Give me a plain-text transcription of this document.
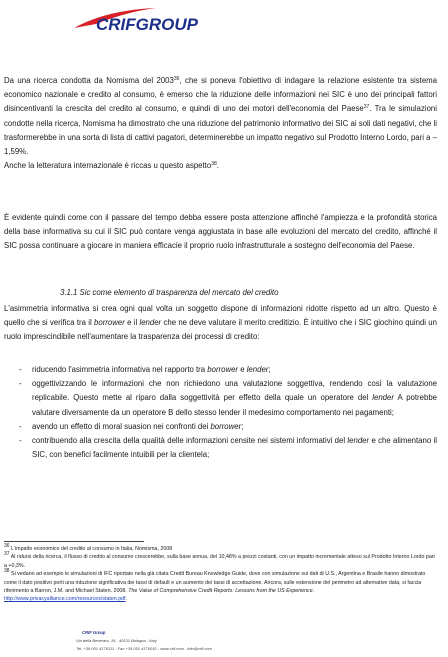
CRIFGROUP

Da una ricerca condotta da Nomisma del 2003$^{36}$, che si poneva l'obiettivo di indagare la relazione esistente tra sistema economico nazionale e credito al consumo, è emerso che la riduzione delle informazioni nei SIC è uno dei principali fattori disincentivanti la crescita del credito al consumo, e quindi di uno dei motori dell'economia del Paese$^{37}$. Tra le simulazioni condotte nella ricerca, Nomisma ha dimostrato che una riduzione del patrimonio informativo dei SIC ai soli dati negativi, che li trasformerebbe in una sorta di lista di cattivi pagatori, determinerebbe un impatto negativo sul Prodotto Interno Lordo, pari a –1,59%.

Anche la letteratura internazionale è riccas u questo aspetto$^{38}$.

È evidente quindi come con il passare del tempo debba essere posta attenzione affinché l'ampiezza e la profondità storica della base informativa su cui il SIC può contare venga aggiustata in base alle evoluzioni del mercato del credito, affinché il SIC possa continuare a giocare in maniera efficacie il proprio ruolo infrastrutturale a sostegno dell'economia del Paese.

3.1.1 Sic come elemento di trasparenza del mercato del credito

L'asimmetria informativa si crea ogni qual volta un soggetto dispone di informazioni ridotte rispetto ad un altro. Questo è quello che si verifica tra il borrower e il lender che ne deve valutare il merito creditizio. È intuitivo che i SIC giochino quindi un ruolo imprescindibile nell'aumentare la trasparenza dei processi di credito:

- riducendo l'asimmetria informativa nel rapporto tra borrower e lender;
- oggettivizzando le informazioni che non richiedono una valutazione soggettiva, rendendo così la valutazione replicabile. Questo mette al riparo dalla soggettività per effetto della quale un operatore del lender A potrebbe valutare diversamente da un operatore B dello stesso lender il medesimo comportamento nei pagamenti;
- avendo un effetto di moral suasion nei confronti dei borrower;
- contribuendo alla crescita della qualità delle informazioni censite nei sistemi informativi del lender e che alimentano il SIC, con benefici facilmente intuibili per la clientela;

$^{36}$ L'impatto economico del credito al consumo in Italia, Nomisma, 2008

$^{37}$ Al ridursi della ricerca, il flusso di credito al consumo crescerebbe, sulla base annua, del 10,48% a prezzi costanti, con un impatto incrementale atteso sul Prodotto Interno Lordo pari a +0,3%.

$^{38}$ Si vedano ad esempio le simulazioni di IFC riportate nella già citata Credit Bureau Knowledge Guide, dove con simulazione sui dati di U.S., Argentina e Brasile hanno dimostrato come il dato positivo porti una riduzione significativa dei tassi di default e un aumento dei tassi di accettazione. Ancora, sulle estensione del perimetro ad alternative data, si faccia riferimento a Barron, J.M. and Michael Staten. 2008. The Value of Comprehensive Credit Reports: Lessons from the US Experience.
http://www.privacyalliance.com/resources/staten.pdf.

CRIF Group
Via della Beverara, 19 - 40131 Bologna - Italy
Tel. +39 051 4176111 - Fax +39 051 4176010 - www.crif.com - info@crif.com
